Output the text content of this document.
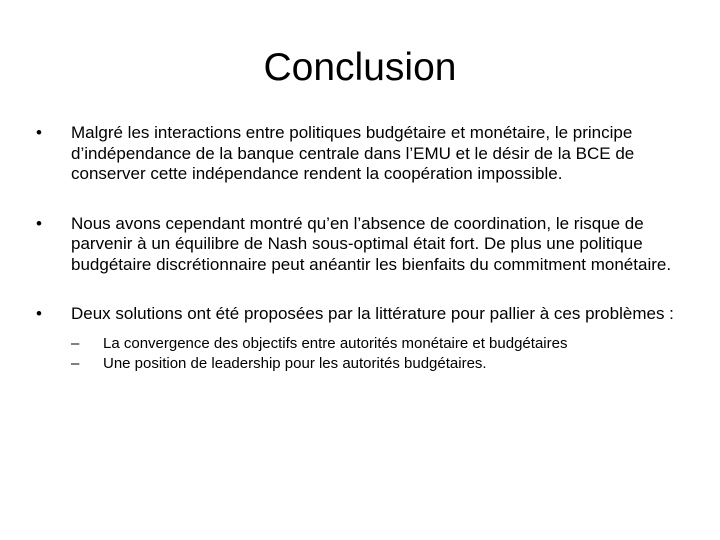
Conclusion
•	Malgré les interactions entre politiques budgétaire et monétaire, le principe d’indépendance de la banque centrale dans l’EMU et le désir de la BCE de conserver cette indépendance rendent la coopération impossible.
•	Nous avons cependant montré qu’en l’absence de coordination, le risque de parvenir à un équilibre de Nash sous-optimal était fort. De plus une politique budgétaire discrétionnaire peut anéantir les bienfaits du commitment monétaire.
•	Deux solutions ont été proposées par la littérature pour pallier à ces problèmes :
– La convergence des objectifs entre autorités monétaire et budgétaires
– Une position de leadership pour les autorités budgétaires.
